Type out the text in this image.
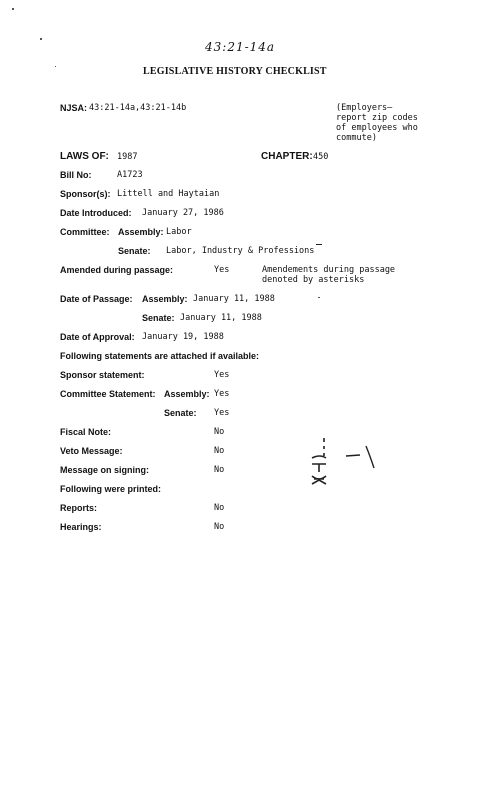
43:21-14a
LEGISLATIVE HISTORY CHECKLIST
NJSA: 43:21-14a,43:21-14b	(Employers—
report zip codes
of employees who
commute)
LAWS OF: 1987	CHAPTER: 450
Bill No:	A1723
Sponsor(s): Littell and Haytaian
Date Introduced: January 27, 1986
Committee: Assembly: Labor
Senate: Labor, Industry & Professions
Amended during passage:	Yes	Amendements during passage
denoted by asterisks
Date of Passage: Assembly: January 11, 1988
Senate: January 11, 1988
Date of Approval: January 19, 1988
Following statements are attached if available:
Sponsor statement:	Yes
Committee Statement: Assembly: Yes
Senate: Yes
Fiscal Note:	No
Veto Message:	No
Message on signing:	No
Following were printed:
Reports:	No
Hearings:	No
